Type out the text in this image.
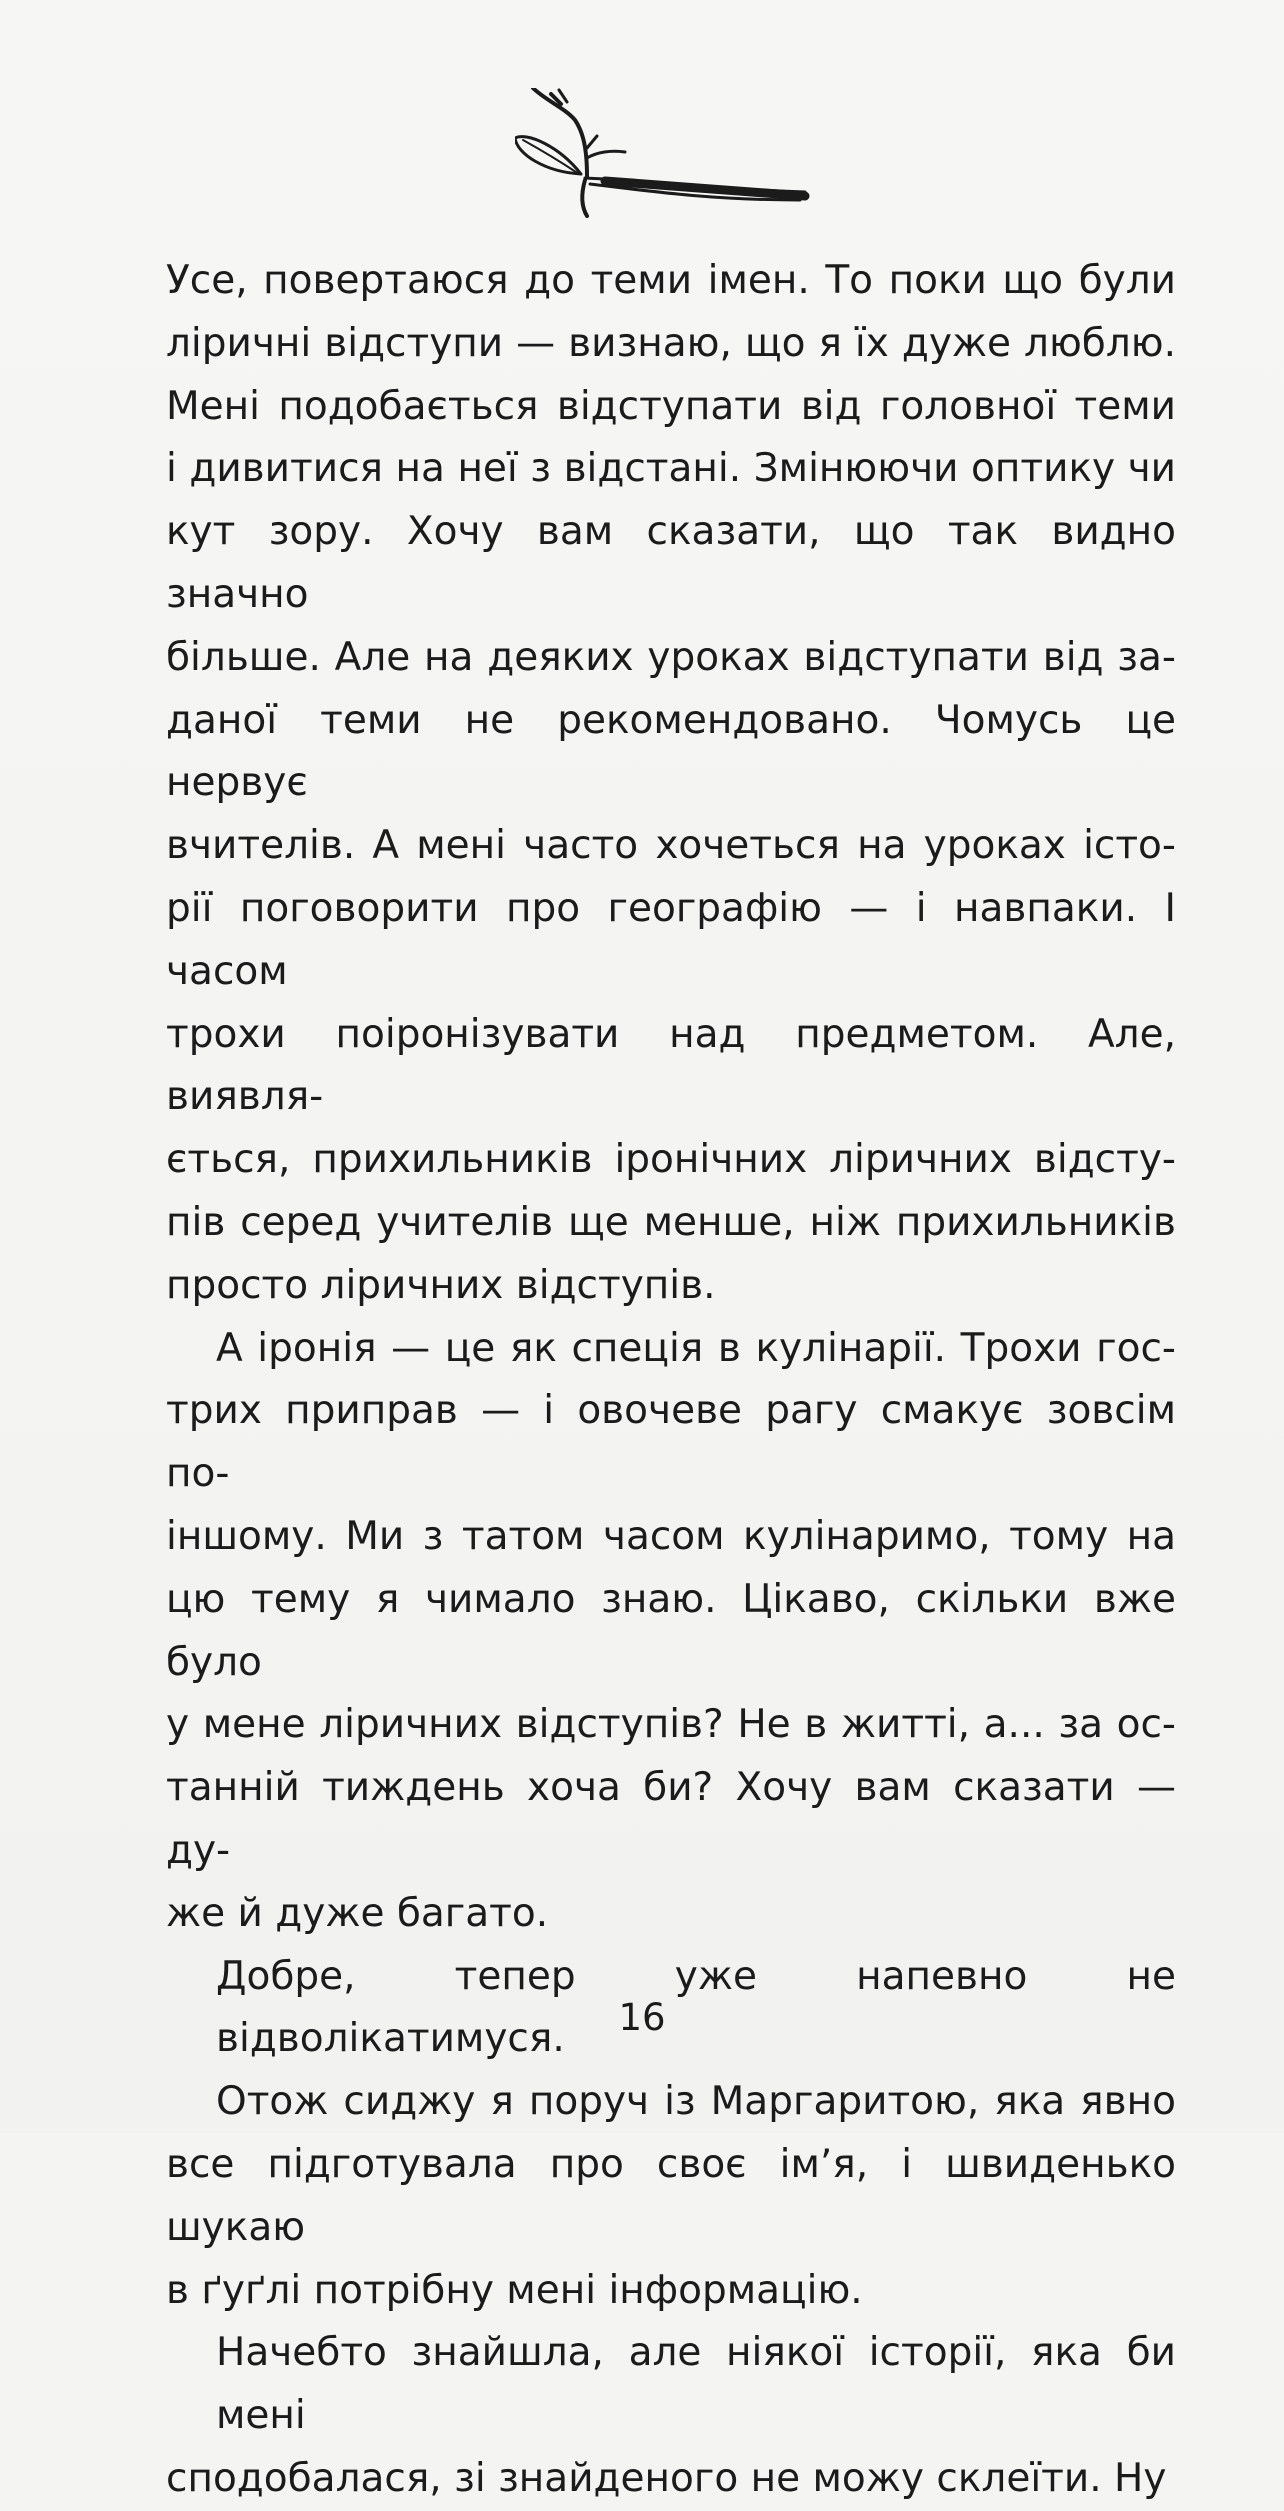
Усе, повертаюся до теми імен. То поки що були

ліричні відступи — визнаю, що я їх дуже люблю.

Мені подобається відступати від головної теми

і дивитися на неї з відстані. Змінюючи оптику чи

кут зору. Хочу вам сказати, що так видно значно

більше. Але на деяких уроках відступати від за-

даної теми не рекомендовано. Чомусь це нервує

вчителів. А мені часто хочеться на уроках істо-

рії поговорити про географію — і навпаки. І часом

трохи поіронізувати над предметом. Але, виявля-

ється, прихильників іронічних ліричних відсту-

пів серед учителів ще менше, ніж прихильників

просто ліричних відступів.

А іронія — це як спеція в кулінарії. Трохи гос-

трих приправ — і овочеве рагу смакує зовсім по-

іншому. Ми з татом часом кулінаримо, тому на

цю тему я чимало знаю. Цікаво, скільки вже було

у мене ліричних відступів? Не в житті, а... за ос-

танній тиждень хоча би? Хочу вам сказати — ду-

же й дуже багато.

Добре, тепер уже напевно не відволікатимуся.

Отож сиджу я поруч із Маргаритою, яка явно

все підготувала про своє ім’я, і швиденько шукаю

в ґуґлі потрібну мені інформацію.

Начебто знайшла, але ніякої історії, яка би мені

сподобалася, зі знайденого не можу склеїти. Ну

16
